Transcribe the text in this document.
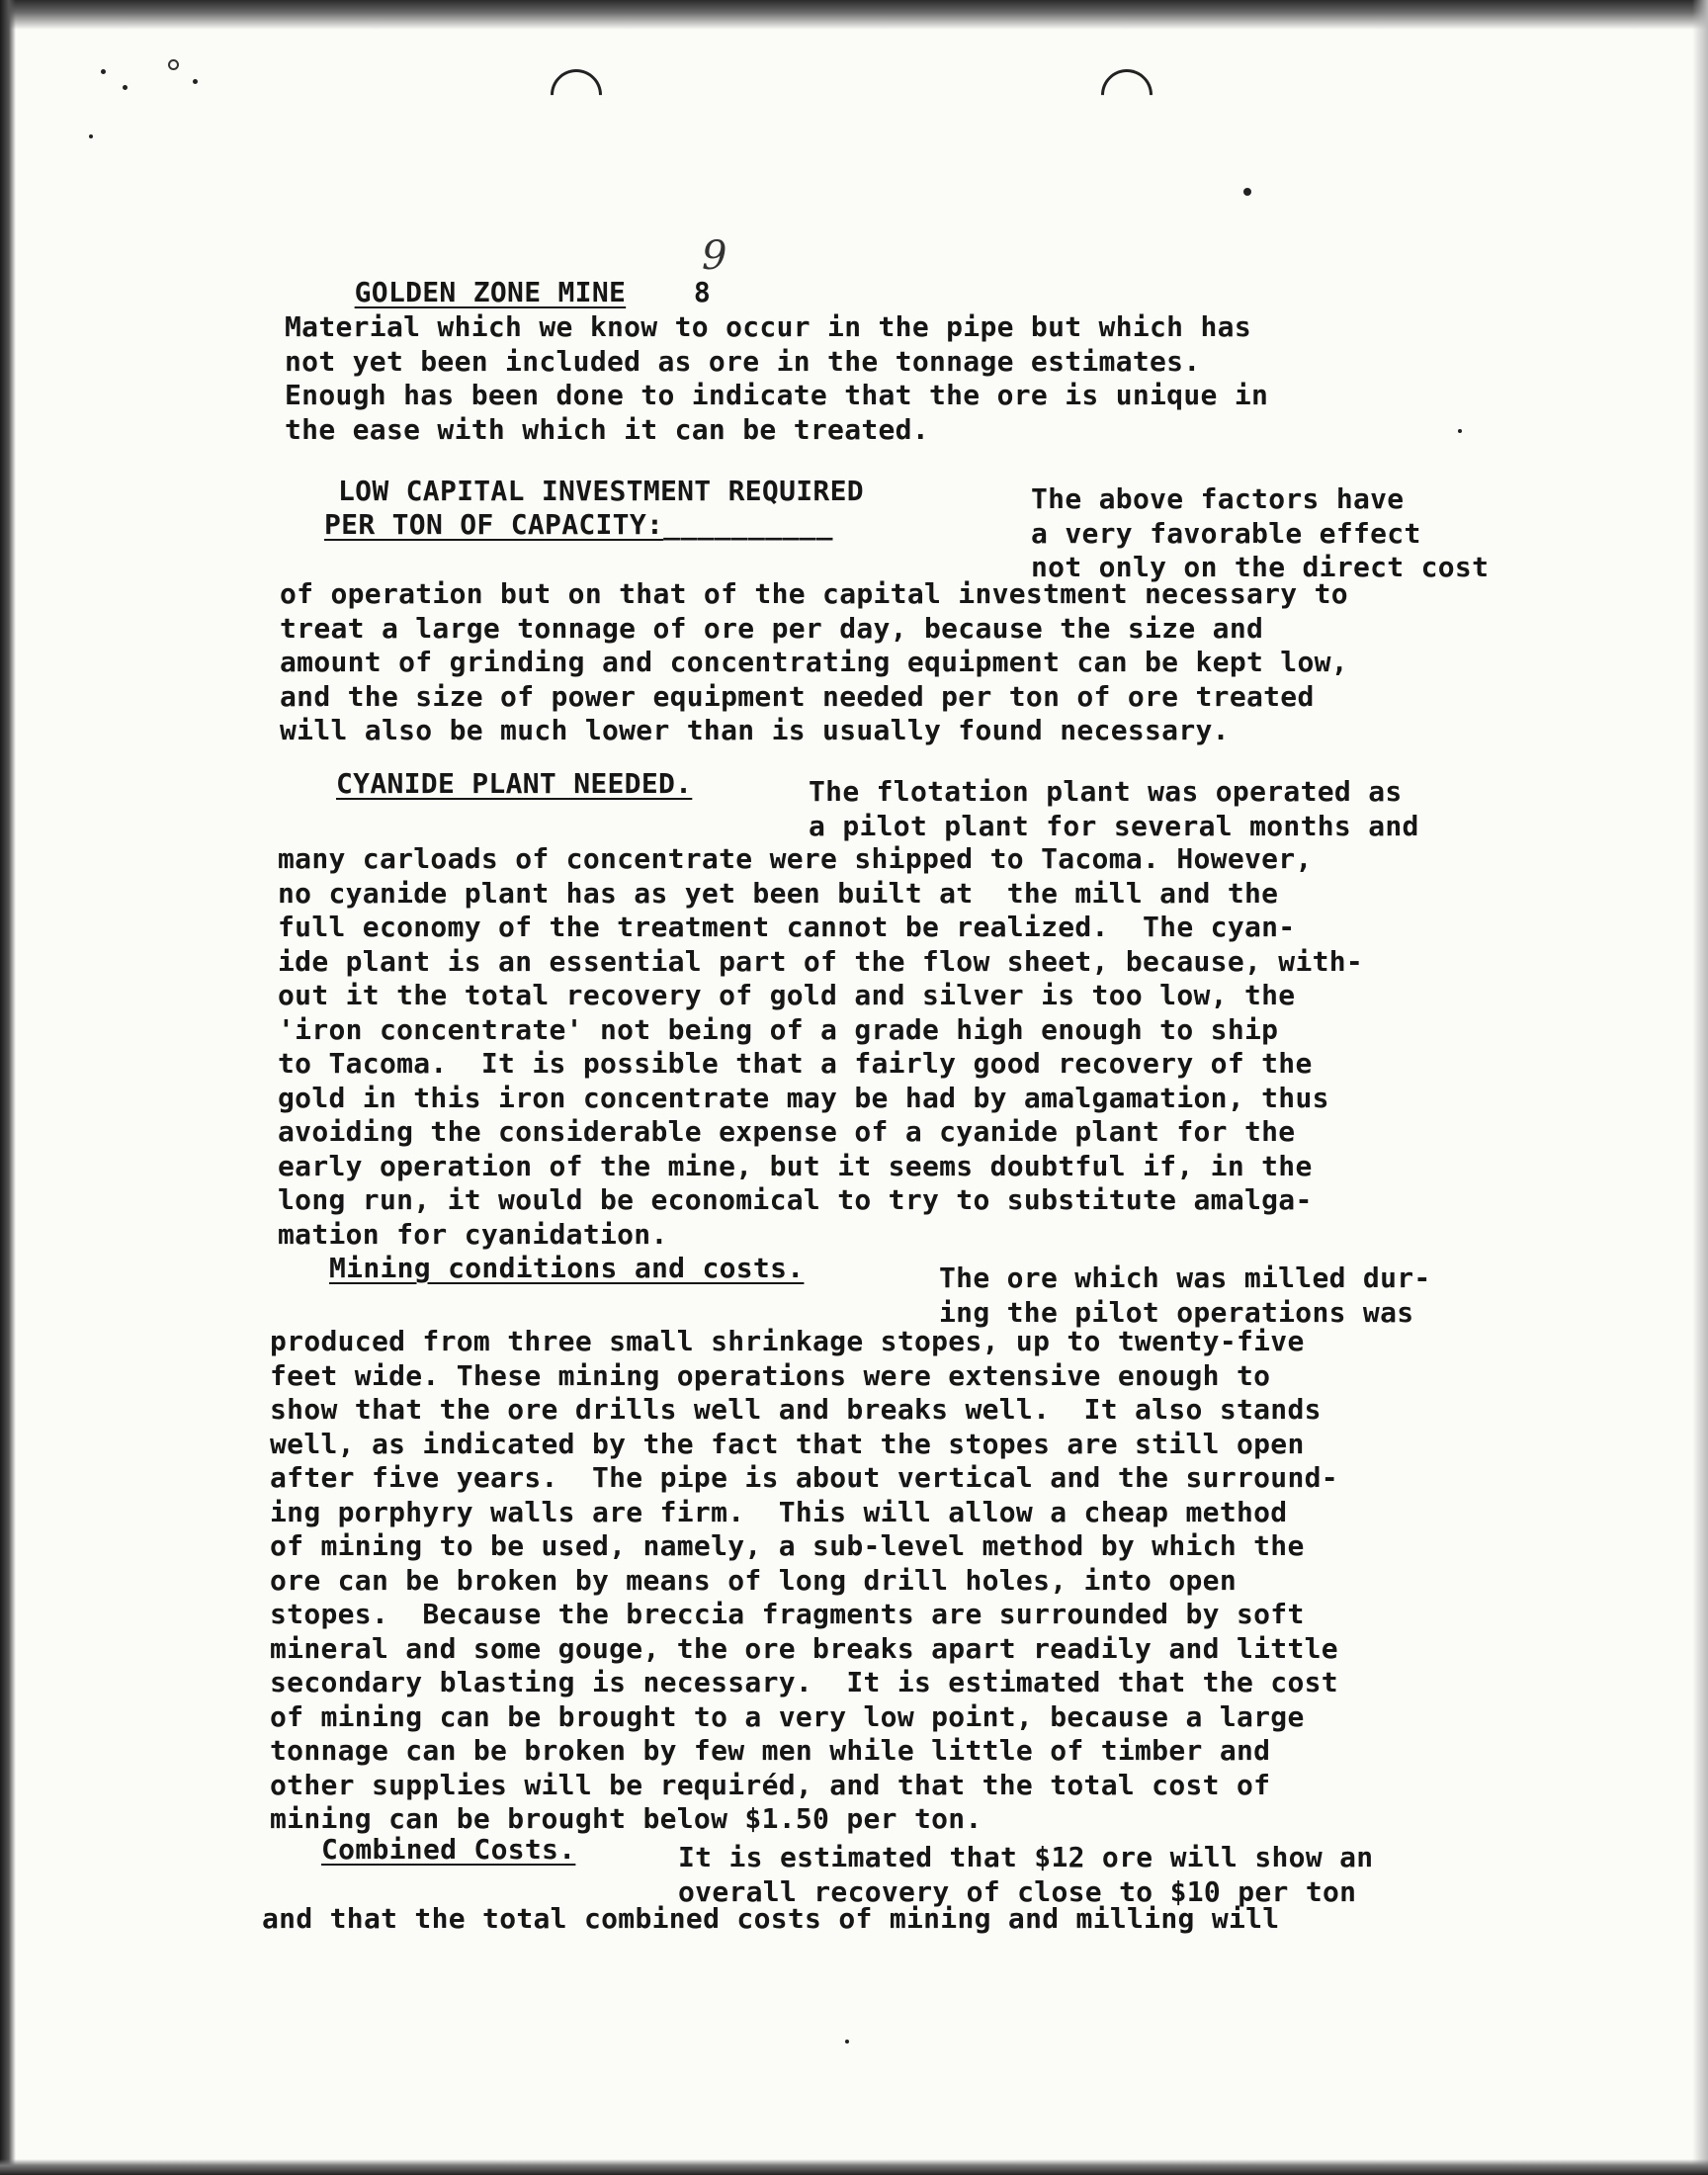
GOLDEN ZONE MINE 8

9

Material which we know to occur in the pipe but which has
not yet been included as ore in the tonnage estimates.
Enough has been done to indicate that the ore is unique in
the ease with which it can be treated.

LOW CAPITAL INVESTMENT REQUIRED

PER TON OF CAPACITY:__________

The above factors have
a very favorable effect
not only on the direct cost

of operation but on that of the capital investment necessary to
treat a large tonnage of ore per day, because the size and
amount of grinding and concentrating equipment can be kept low,
and the size of power equipment needed per ton of ore treated
will also be much lower than is usually found necessary.

CYANIDE PLANT NEEDED.	The flotation plant was operated as
a pilot plant for several months and

many carloads of concentrate were shipped to Tacoma. However,
no cyanide plant has as yet been built at  the mill and the
full economy of the treatment cannot be realized.  The cyan-
ide plant is an essential part of the flow sheet, because, with-
out it the total recovery of gold and silver is too low, the
'iron concentrate' not being of a grade high enough to ship
to Tacoma.  It is possible that a fairly good recovery of the
gold in this iron concentrate may be had by amalgamation, thus
avoiding the considerable expense of a cyanide plant for the
early operation of the mine, but it seems doubtful if, in the
long run, it would be economical to try to substitute amalga-
mation for cyanidation.

Mining conditions and costs.	The ore which was milled dur-
ing the pilot operations was

produced from three small shrinkage stopes, up to twenty-five
feet wide. These mining operations were extensive enough to
show that the ore drills well and breaks well.  It also stands
well, as indicated by the fact that the stopes are still open
after five years.  The pipe is about vertical and the surround-
ing porphyry walls are firm.  This will allow a cheap method
of mining to be used, namely, a sub-level method by which the
ore can be broken by means of long drill holes, into open
stopes.  Because the breccia fragments are surrounded by soft
mineral and some gouge, the ore breaks apart readily and little
secondary blasting is necessary.  It is estimated that the cost
of mining can be brought to a very low point, because a large
tonnage can be broken by few men while little of timber and
other supplies will be requiréd, and that the total cost of
mining can be brought below $1.50 per ton.

Combined Costs.	It is estimated that $12 ore will show an
overall recovery of close to $10 per ton

and that the total combined costs of mining and milling will
